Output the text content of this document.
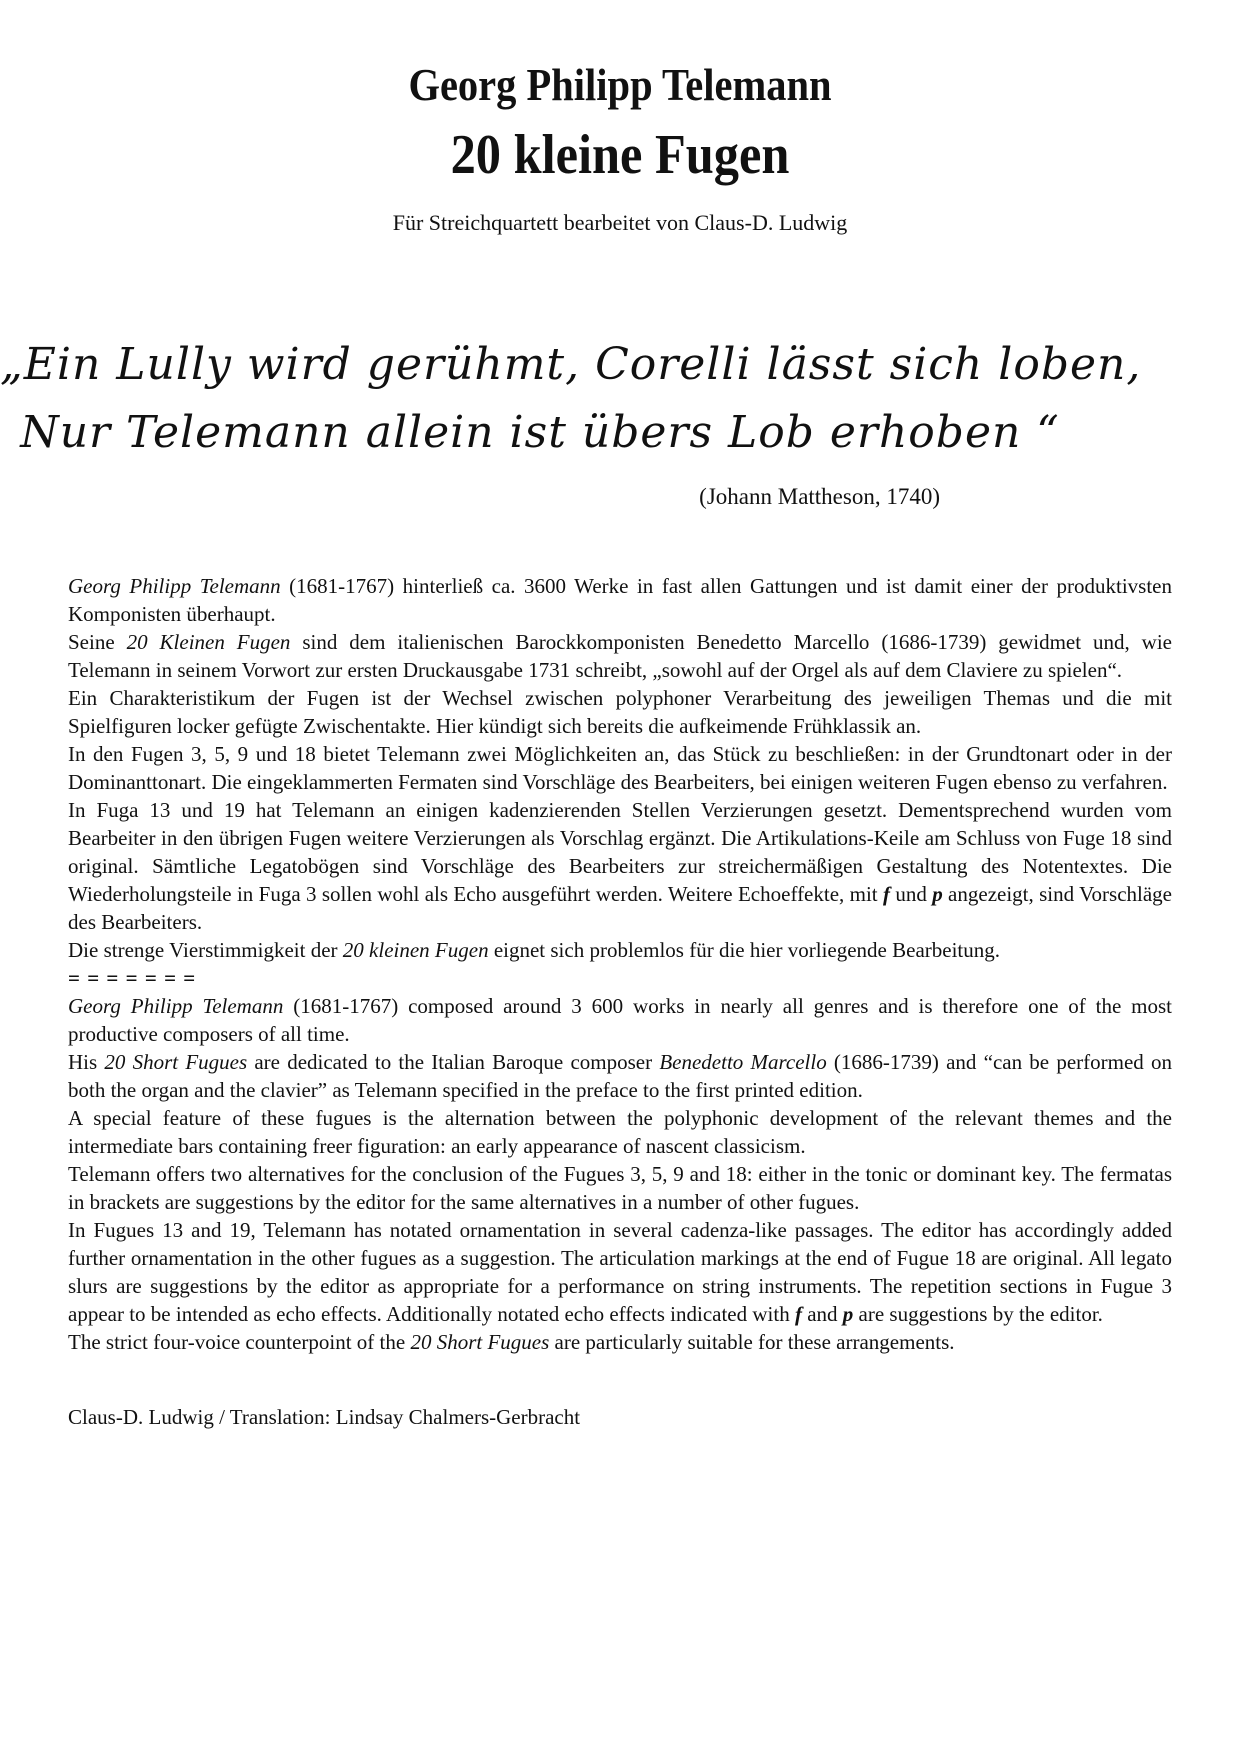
Georg Philipp Telemann
20 kleine Fugen
Für Streichquartett bearbeitet von Claus-D. Ludwig
„Ein Lully wird gerühmt, Corelli lässt sich loben,
Nur Telemann allein ist übers Lob erhoben “
(Johann Mattheson, 1740)

Georg Philipp Telemann (1681-1767) hinterließ ca. 3600 Werke in fast allen Gattungen und ist damit einer der produktivsten Komponisten überhaupt.
Seine 20 Kleinen Fugen sind dem italienischen Barockkomponisten Benedetto Marcello (1686-1739) gewidmet und, wie Telemann in seinem Vorwort zur ersten Druckausgabe 1731 schreibt, „sowohl auf der Orgel als auf dem Claviere zu spielen“.

Ein Charakteristikum der Fugen ist der Wechsel zwischen polyphoner Verarbeitung des jeweiligen Themas und die mit Spielfiguren locker gefügte Zwischentakte. Hier kündigt sich bereits die aufkeimende Frühklassik an.

In den Fugen 3, 5, 9 und 18 bietet Telemann zwei Möglichkeiten an, das Stück zu beschließen: in der Grundtonart oder in der Dominanttonart. Die eingeklammerten Fermaten sind Vorschläge des Bearbeiters, bei einigen weiteren Fugen ebenso zu verfahren.

In Fuga 13 und 19 hat Telemann an einigen kadenzierenden Stellen Verzierungen gesetzt. Dementsprechend wurden vom Bearbeiter in den übrigen Fugen weitere Verzierungen als Vorschlag ergänzt. Die Artikulations-Keile am Schluss von Fuge 18 sind original. Sämtliche Legatobögen sind Vorschläge des Bearbeiters zur streichermäßigen Gestaltung des Notentextes. Die Wiederholungsteile in Fuga 3 sollen wohl als Echo ausgeführt werden. Weitere Echoeffekte, mit f und p angezeigt, sind Vorschläge des Bearbeiters.

Die strenge Vierstimmigkeit der 20 kleinen Fugen eignet sich problemlos für die hier vorliegende Bearbeitung.

= = = = = = =

Georg Philipp Telemann (1681-1767) composed around 3 600 works in nearly all genres and is therefore one of the most productive composers of all time.
His 20 Short Fugues are dedicated to the Italian Baroque composer Benedetto Marcello (1686-1739) and “can be performed on both the organ and the clavier” as Telemann specified in the preface to the first printed edition.

A special feature of these fugues is the alternation between the polyphonic development of the relevant themes and the intermediate bars containing freer figuration: an early appearance of nascent classicism.

Telemann offers two alternatives for the conclusion of the Fugues 3, 5, 9 and 18: either in the tonic or dominant key. The fermatas in brackets are suggestions by the editor for the same alternatives in a number of other fugues.

In Fugues 13 and 19, Telemann has notated ornamentation in several cadenza-like passages. The editor has accordingly added further ornamentation in the other fugues as a suggestion. The articulation markings at the end of Fugue 18 are original. All legato slurs are suggestions by the editor as appropriate for a performance on string instruments. The repetition sections in Fugue 3 appear to be intended as echo effects. Additionally notated echo effects indicated with f and p are suggestions by the editor.

The strict four-voice counterpoint of the 20 Short Fugues are particularly suitable for these arrangements.

Claus-D. Ludwig / Translation: Lindsay Chalmers-Gerbracht
